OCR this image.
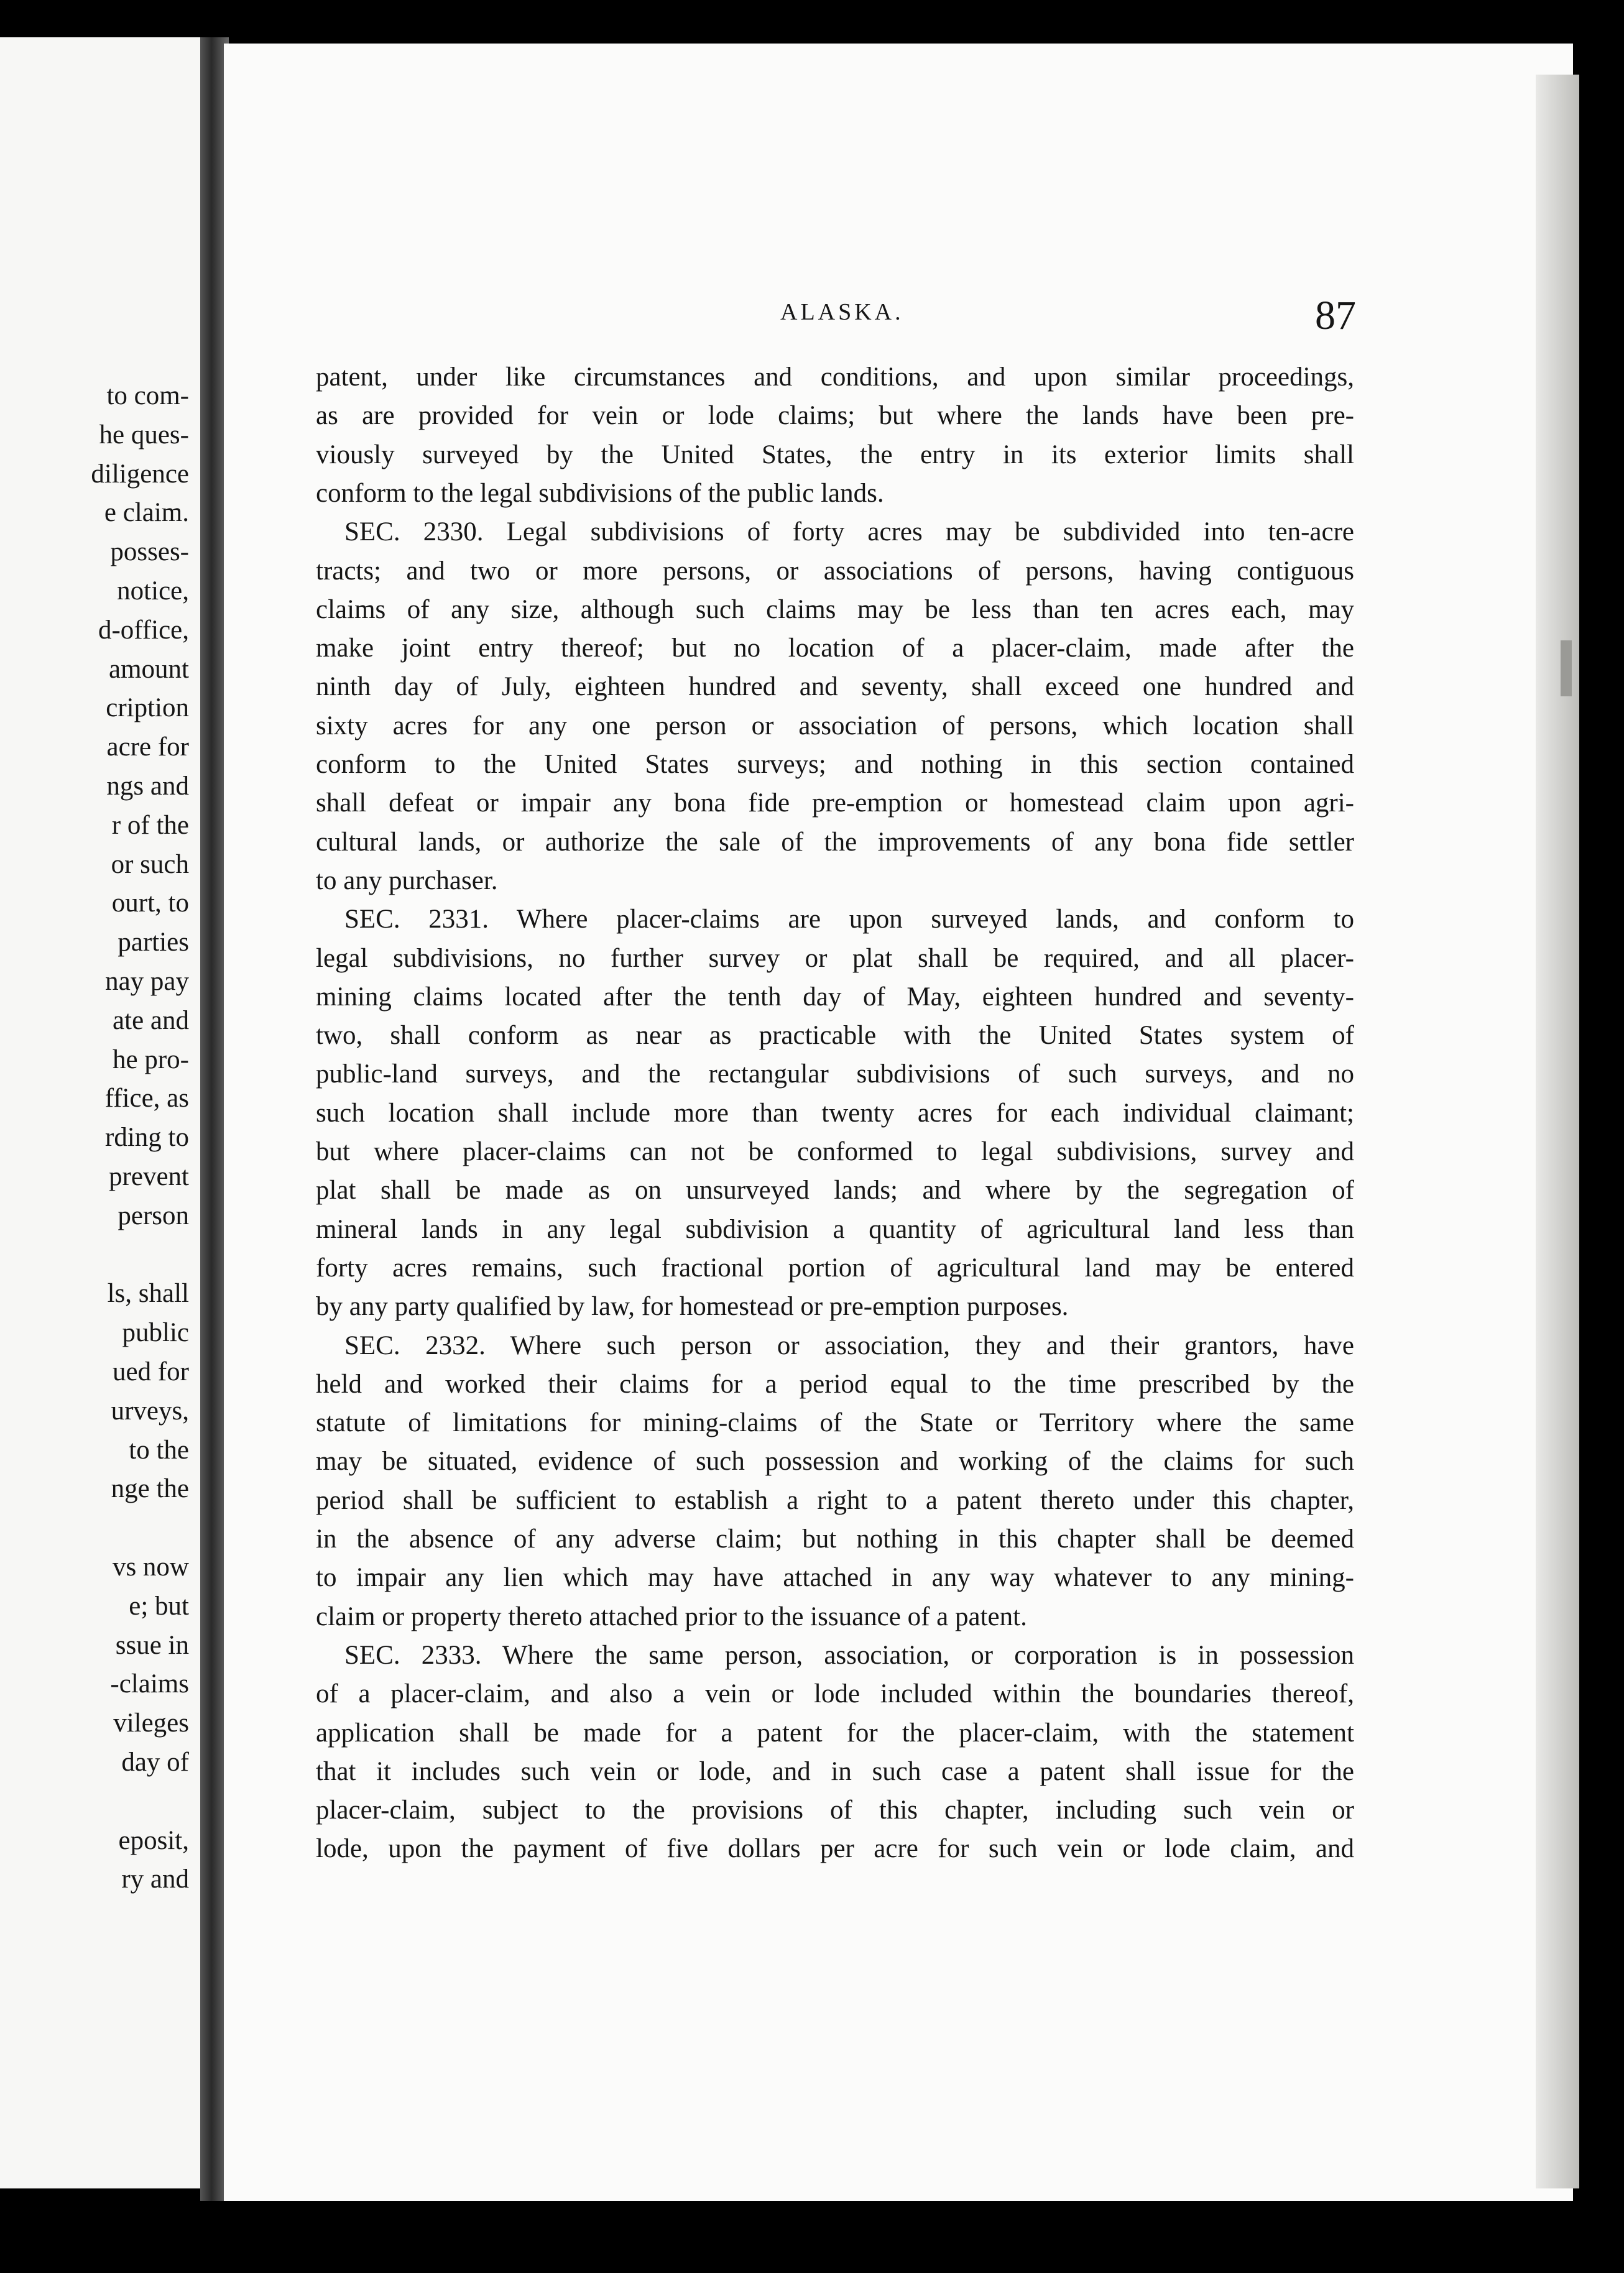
to com-
he ques-
diligence
e claim.
posses-
notice,
d-office,
amount
cription
acre for
ngs and
r of the
or such
ourt, to
parties
nay pay
ate and
he pro-
ffice, as
rding to
prevent
person
ls, shall
public
ued for
urveys,
to the
nge the
vs now
e; but
ssue in
-claims
vileges
day of
eposit,
ry and
ALASKA.	87
patent, under like circumstances and conditions, and upon similar proceedings,
as are provided for vein or lode claims; but where the lands have been pre-
viously surveyed by the United States, the entry in its exterior limits shall
conform to the legal subdivisions of the public lands.
SEC. 2330. Legal subdivisions of forty acres may be subdivided into ten-acre
tracts; and two or more persons, or associations of persons, having contiguous
claims of any size, although such claims may be less than ten acres each, may
make joint entry thereof; but no location of a placer-claim, made after the
ninth day of July, eighteen hundred and seventy, shall exceed one hundred and
sixty acres for any one person or association of persons, which location shall
conform to the United States surveys; and nothing in this section contained
shall defeat or impair any bona fide pre-emption or homestead claim upon agri-
cultural lands, or authorize the sale of the improvements of any bona fide settler
to any purchaser.
SEC. 2331. Where placer-claims are upon surveyed lands, and conform to
legal subdivisions, no further survey or plat shall be required, and all placer-
mining claims located after the tenth day of May, eighteen hundred and seventy-
two, shall conform as near as practicable with the United States system of
public-land surveys, and the rectangular subdivisions of such surveys, and no
such location shall include more than twenty acres for each individual claimant;
but where placer-claims can not be conformed to legal subdivisions, survey and
plat shall be made as on unsurveyed lands; and where by the segregation of
mineral lands in any legal subdivision a quantity of agricultural land less than
forty acres remains, such fractional portion of agricultural land may be entered
by any party qualified by law, for homestead or pre-emption purposes.
SEC. 2332. Where such person or association, they and their grantors, have
held and worked their claims for a period equal to the time prescribed by the
statute of limitations for mining-claims of the State or Territory where the same
may be situated, evidence of such possession and working of the claims for such
period shall be sufficient to establish a right to a patent thereto under this chapter,
in the absence of any adverse claim; but nothing in this chapter shall be deemed
to impair any lien which may have attached in any way whatever to any mining-
claim or property thereto attached prior to the issuance of a patent.
SEC. 2333. Where the same person, association, or corporation is in possession
of a placer-claim, and also a vein or lode included within the boundaries thereof,
application shall be made for a patent for the placer-claim, with the statement
that it includes such vein or lode, and in such case a patent shall issue for the
placer-claim, subject to the provisions of this chapter, including such vein or
lode, upon the payment of five dollars per acre for such vein or lode claim, and
